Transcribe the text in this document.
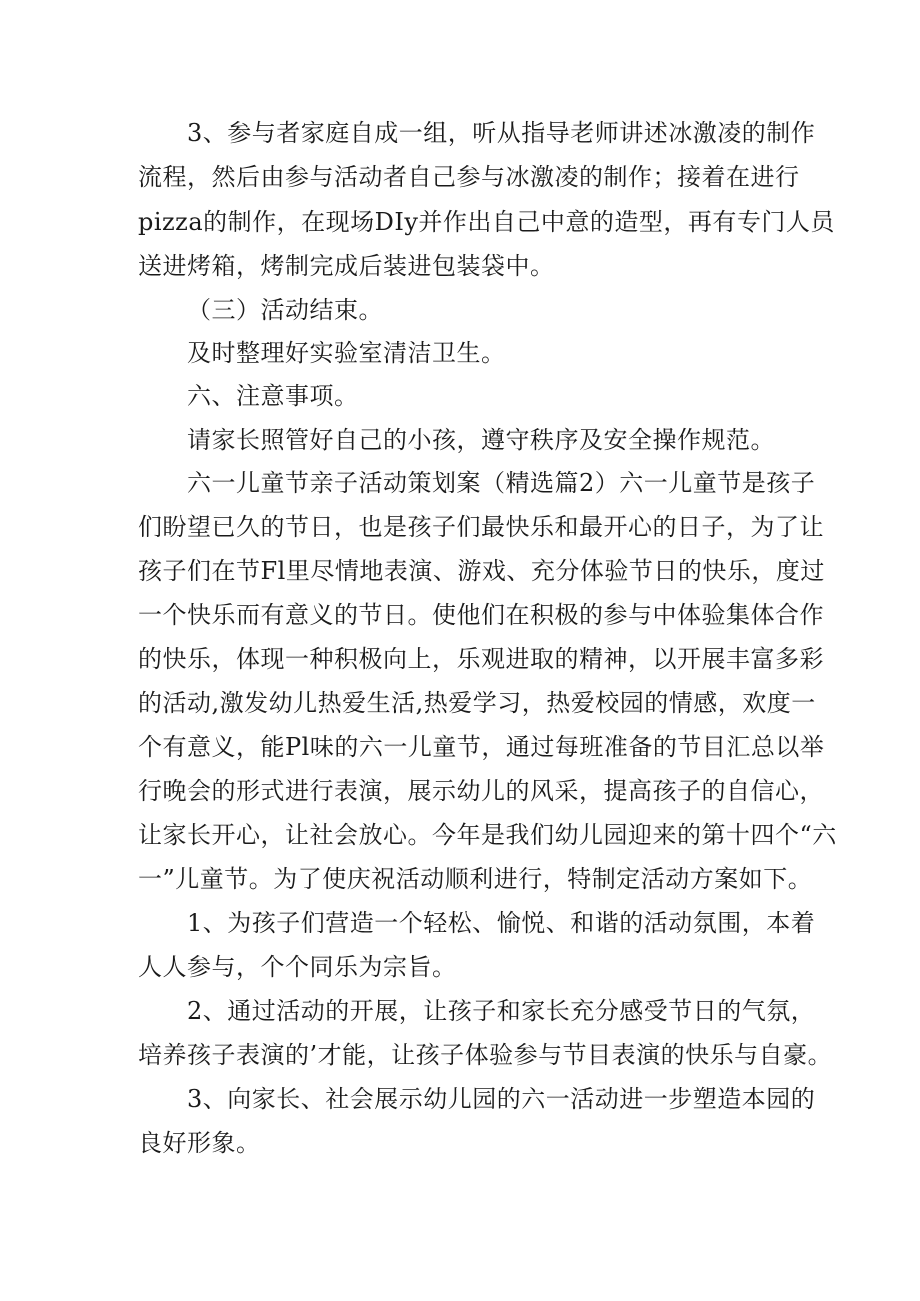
3、参与者家庭自成一组，听从指导老师讲述冰激凌的制作

流程，然后由参与活动者自己参与冰激凌的制作；接着在进行

pizza的制作，在现场DIy并作出自己中意的造型，再有专门人员

送进烤箱，烤制完成后装进包装袋中。

（三）活动结束。

及时整理好实验室清洁卫生。

六、注意事项。

请家长照管好自己的小孩，遵守秩序及安全操作规范。

六一儿童节亲子活动策划案（精选篇2）六一儿童节是孩子

们盼望已久的节日，也是孩子们最快乐和最开心的日子，为了让

孩子们在节Fl里尽情地表演、游戏、充分体验节日的快乐，度过

一个快乐而有意义的节日。使他们在积极的参与中体验集体合作

的快乐，体现一种积极向上，乐观进取的精神，以开展丰富多彩

的活动,激发幼儿热爱生活,热爱学习，热爱校园的情感，欢度一

个有意义，能Pl味的六一儿童节，通过每班准备的节目汇总以举

行晚会的形式进行表演，展示幼儿的风采，提高孩子的自信心，

让家长开心，让社会放心。今年是我们幼儿园迎来的第十四个“六

一”儿童节。为了使庆祝活动顺利进行，特制定活动方案如下。

1、为孩子们营造一个轻松、愉悦、和谐的活动氛围，本着

人人参与，个个同乐为宗旨。

2、通过活动的开展，让孩子和家长充分感受节日的气氛，

培养孩子表演的’才能，让孩子体验参与节目表演的快乐与自豪。

3、向家长、社会展示幼儿园的六一活动进一步塑造本园的

良好形象。
